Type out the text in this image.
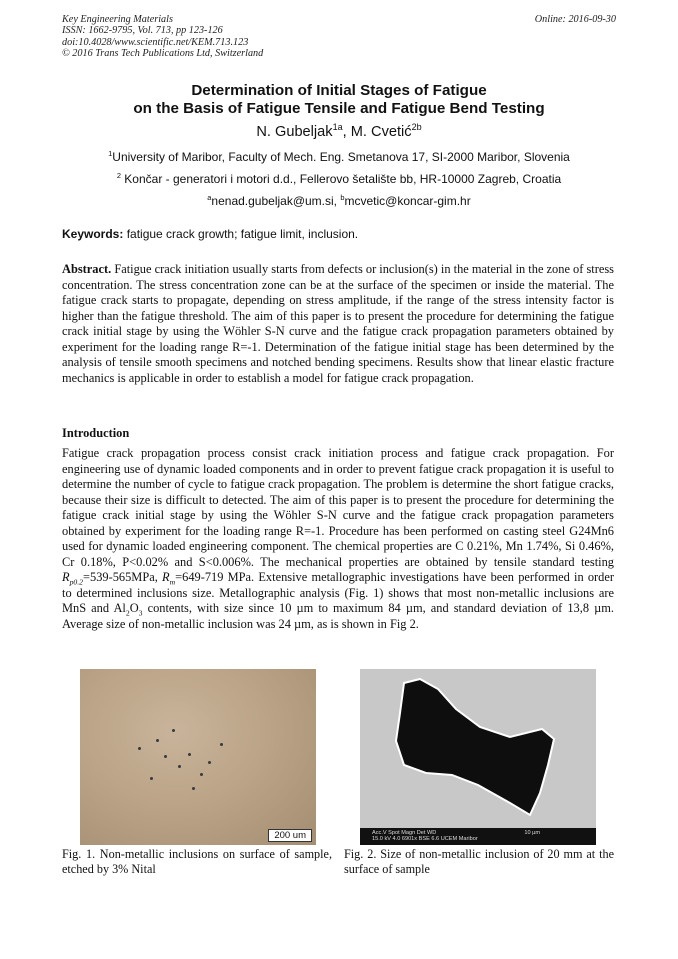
Key Engineering Materials
ISSN: 1662-9795, Vol. 713, pp 123-126
doi:10.4028/www.scientific.net/KEM.713.123
© 2016 Trans Tech Publications Ltd, Switzerland
Online: 2016-09-30
Determination of Initial Stages of Fatigue
on the Basis of Fatigue Tensile and Fatigue Bend Testing
N. Gubeljak$^{1a}$, M. Cvetić$^{2b}$
$^1$University of Maribor, Faculty of Mech. Eng. Smetanova 17, SI-2000 Maribor, Slovenia
$^2$ Končar - generatori i motori d.d., Fellerovo šetalište bb, HR-10000 Zagreb, Croatia
$^a$nenad.gubeljak@um.si, $^b$mcvetic@koncar-gim.hr
Keywords: fatigue crack growth; fatigue limit, inclusion.

Abstract. Fatigue crack initiation usually starts from defects or inclusion(s) in the material in the zone of stress concentration. The stress concentration zone can be at the surface of the specimen or inside the material. The fatigue crack starts to propagate, depending on stress amplitude, if the range of the stress intensity factor is higher than the fatigue threshold. The aim of this paper is to present the procedure for determining the fatigue crack initial stage by using the Wöhler S-N curve and the fatigue crack propagation parameters obtained by experiment for the loading range R=-1. Determination of the fatigue initial stage has been determined by the analysis of tensile smooth specimens and notched bending specimens. Results show that linear elastic fracture mechanics is applicable in order to establish a model for fatigue crack propagation.

Introduction

Fatigue crack propagation process consist crack initiation process and fatigue crack propagation. For engineering use of dynamic loaded components and in order to prevent fatigue crack propagation it is useful to determine the number of cycle to fatigue crack propagation. The problem is determine the short fatigue cracks, because their size is difficult to detected. The aim of this paper is to present the procedure for determining the fatigue crack initial stage by using the Wöhler S-N curve and the fatigue crack propagation parameters obtained by experiment for the loading range R=-1. Procedure has been performed on casting steel G24Mn6 used for dynamic loaded engineering component. The chemical properties are C 0.21%, Mn 1.74%, Si 0.46%, Cr 0.18%, P<0.02% and S<0.006%. The mechanical properties are obtained by tensile standard testing $R_{p0.2}=539-565MPa$, $R_m=649-719$ MPa. Extensive metallographic investigations have been performed in order to determined inclusions size. Metallographic analysis (Fig. 1) shows that most non-metallic inclusions are MnS and $Al_2O_3$ contents, with size since 10 µm to maximum 84 µm, and standard deviation of 13,8 µm. Average size of non-metallic inclusion was 24 µm, as is shown in Fig 2.

200 um	Acc.V Spot Magn Det WD
15.0 kV 4.0 6901x BSE 6.6 UCEM Maribor
10 µm
Fig. 1. Non-metallic inclusions on surface of sample, etched by 3% Nital
Fig. 2. Size of non-metallic inclusion of 20 mm at the surface of sample
